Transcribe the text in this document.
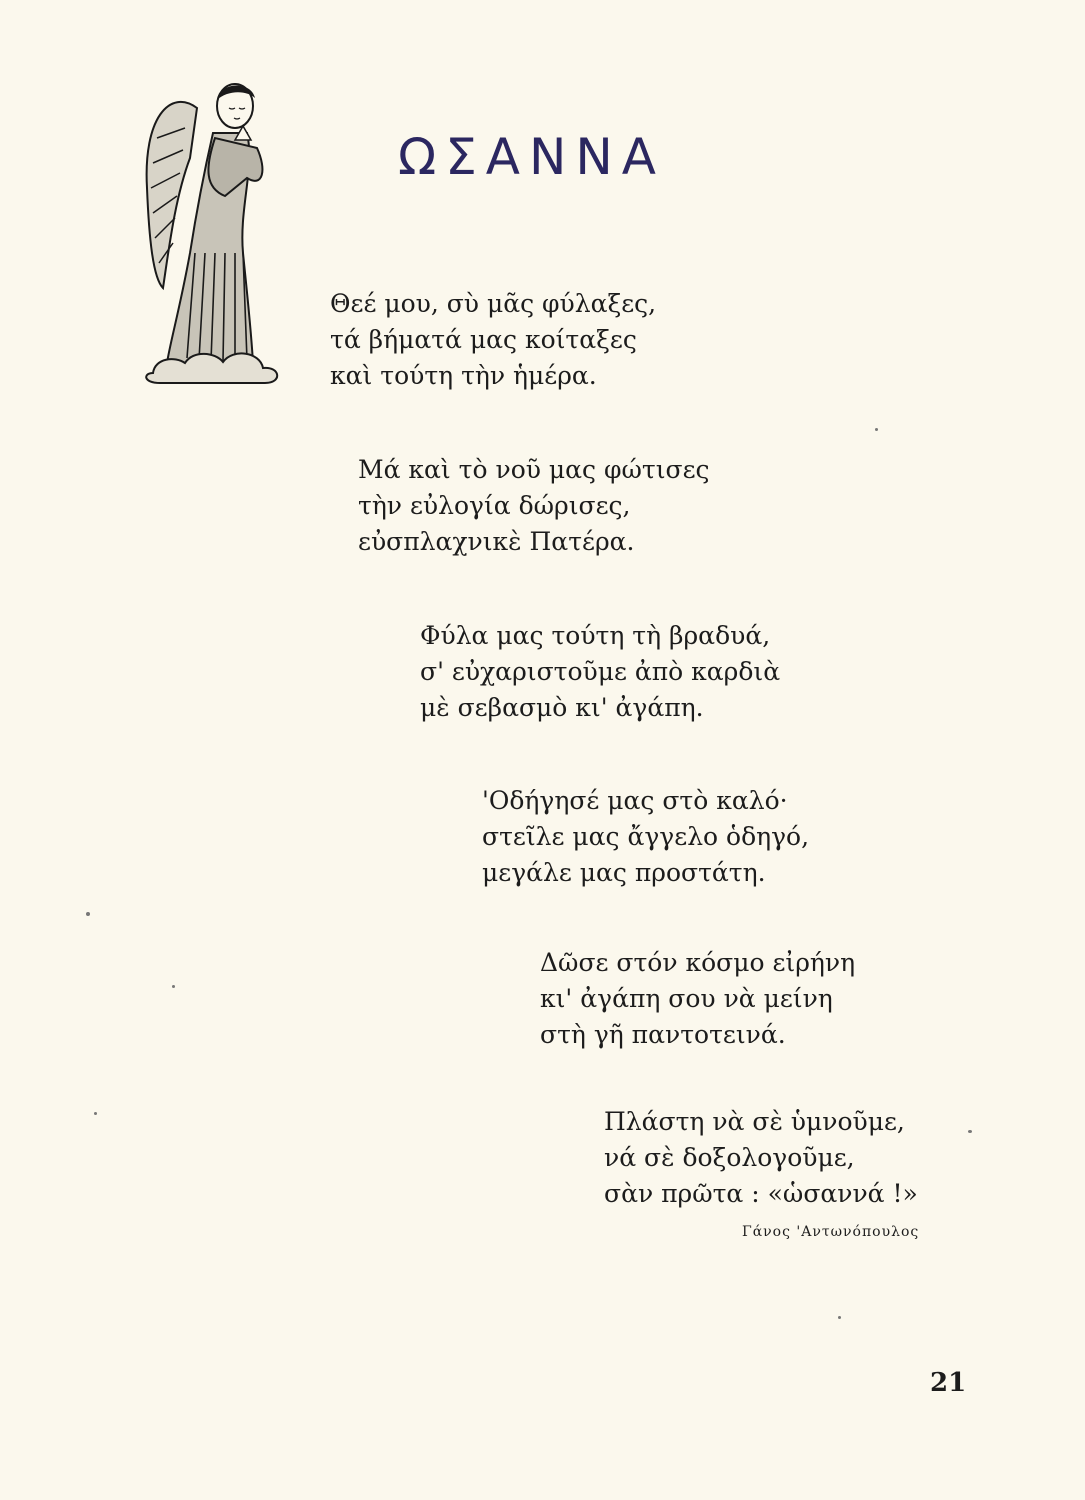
ΩΣΑΝΝΑ
Θεέ μου, σὺ μᾶς φύλαξες,
τά βήματά μας κοίταξες
καὶ τούτη τὴν ἡμέρα.
Μά καὶ τὸ νοῦ μας φώτισες
τὴν εὐλογία δώρισες,
εὐσπλαχνικὲ Πατέρα.
Φύλα μας τούτη τὴ βραδυά,
σ' εὐχαριστοῦμε ἀπὸ καρδιὰ
μὲ σεβασμὸ κι' ἀγάπη.
'Οδήγησέ μας στὸ καλό·
στεῖλε μας ἄγγελο ὁδηγό,
μεγάλε μας προστάτη.
Δῶσε στόν κόσμο εἰρήνη
κι' ἀγάπη σου νὰ μείνη
στὴ γῆ παντοτεινά.
Πλάστη νὰ σὲ ὑμνοῦμε,
νά σὲ δοξολογοῦμε,
σὰν πρῶτα : «ὡσαννά !»
Γάνος 'Αντωνόπουλος
21
